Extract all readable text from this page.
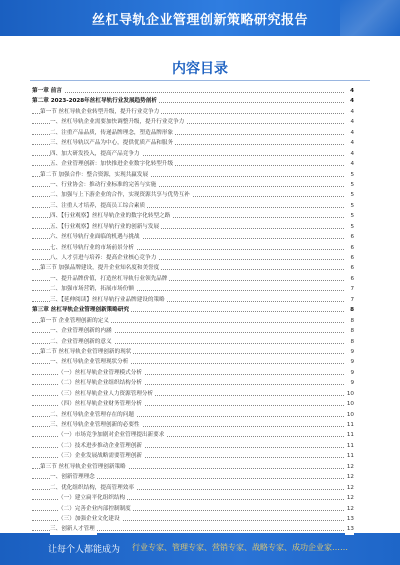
丝杠导轨企业管理创新策略研究报告
内容目录
第一章 前言	4
第二章 2023-2028年丝杠导轨行业发展趋势剖析	4
第一节 丝杠导轨企业转型升级，提升行业竞争力	4
一、丝杠导轨企业需要加快调整升级，提升行业竞争力	4
二、注重产品品质，传递品牌理念，塑造品牌形象	4
三、丝杠导轨以产品为中心，提供优质产品和服务	4
四、加大研发投入，提高产品竞争力	4
五、企业管理创新：加快推进企业数字化转型升级	4
第二节 加强合作：整合资源，实现共赢发展	5
一、行业协会：推动行业标准的完善与实施	5
二、加强与上下游企业的合作，实现资源共享与优势互补	5
三、注重人才培养，提高员工综合素质	5
四、【行业观察】丝杠导轨企业的数字化转型之路	5
五、【行业观察】丝杠导轨行业的创新与发展	5
六、丝杠导轨行业面临的机遇与挑战	6
七、丝杠导轨行业的市场前景分析	6
八、人才引进与培养：提高企业核心竞争力	6
第三节 加强品牌建设，提升企业知名度和美誉度	6
一、提升品牌价值，打造丝杠导轨行业领先品牌	6
二、加强市场营销，拓展市场份额	7
三、【延伸阅读】丝杠导轨行业品牌建设的策略	7
第三章 丝杠导轨企业管理创新策略研究	8
第一节 企业管理创新的定义	8
一、企业管理创新的内涵	8
二、企业管理创新的意义	8
第二节 丝杠导轨企业管理创新的现状	9
一、丝杠导轨企业管理现状分析	9
（一）丝杠导轨企业管理模式分析	9
（二）丝杠导轨企业组织结构分析	9
（三）丝杠导轨企业人力资源管理分析	10
（四）丝杠导轨企业财务管理分析	10
二、丝杠导轨企业管理存在的问题	10
三、丝杠导轨企业管理创新的必要性	11
（一）市场竞争加剧对企业管理提出新要求	11
（二）技术进步推动企业管理创新	11
（三）企业发展战略需要管理创新	11
第三节 丝杠导轨企业管理创新策略	12
一、创新管理理念	12
二、优化组织结构，提高管理效率	12
（一）建立扁平化组织结构	12
（二）完善企业内部控制制度	12
（三）加强企业文化建设	13
三、创新人才管理	13
让每个人都能成为 行业专家、管理专家、营销专家、战略专家、成功企业家……
